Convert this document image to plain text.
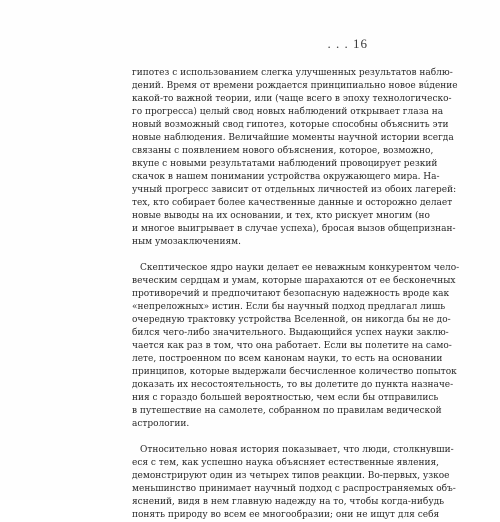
. . . 16
гипотез с использованием слегка улучшенных результатов наблю-
дений. Время от времени рождается принципиально новое вúдение
какой-то важной теории, или (чаще всего в эпоху технологическо-
го прогресса) целый свод новых наблюдений открывает глаза на
новый возможный свод гипотез, которые способны объяснить эти
новые наблюдения. Величайшие моменты научной истории всегда
связаны с появлением нового объяснения, которое, возможно,
вкупе с новыми результатами наблюдений провоцирует резкий
скачок в нашем понимании устройства окружающего мира. На-
учный прогресс зависит от отдельных личностей из обоих лагерей:
тех, кто собирает более качественные данные и осторожно делает
новые выводы на их основании, и тех, кто рискует многим (но
и многое выигрывает в случае успеха), бросая вызов общепризнан-
ным умозаключениям.
Скептическое ядро науки делает ее неважным конкурентом чело-
веческим сердцам и умам, которые шарахаются от ее бесконечных
противоречий и предпочитают безопасную надежность вроде как
«непреложных» истин. Если бы научный подход предлагал лишь
очередную трактовку устройства Вселенной, он никогда бы не до-
бился чего-либо значительного. Выдающийся успех науки заклю-
чается как раз в том, что она работает. Если вы полетите на само-
лете, построенном по всем канонам науки, то есть на основании
принципов, которые выдержали бесчисленное количество попыток
доказать их несостоятельность, то вы долетите до пункта назначе-
ния с гораздо большей вероятностью, чем если бы отправились
в путешествие на самолете, собранном по правилам ведической
астрологии.
Относительно новая история показывает, что люди, столкнувши-
еся с тем, как успешно наука объясняет естественные явления,
демонстрируют один из четырех типов реакции. Во-первых, узкое
меньшинство принимает научный подход с распространяемых объ-
яснений, видя в нем главную надежду на то, чтобы когда-нибудь
понять природу во всем ее многообразии; они не ищут для себя
